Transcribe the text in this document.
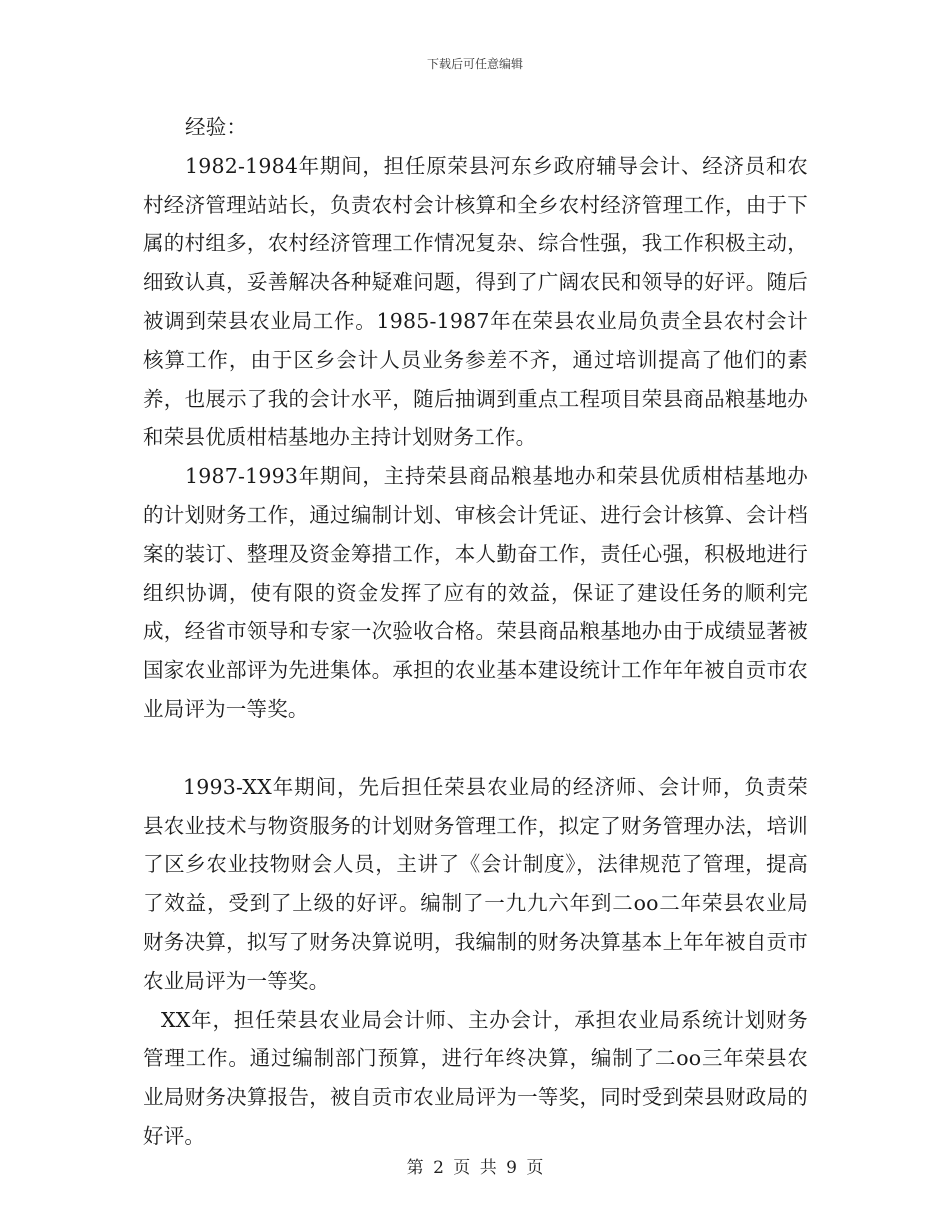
下载后可任意编辑

经验：

1982-1984年期间，担任原荣县河东乡政府辅导会计、经济员和农村经济管理站站长，负责农村会计核算和全乡农村经济管理工作，由于下属的村组多，农村经济管理工作情况复杂、综合性强，我工作积极主动，细致认真，妥善解决各种疑难问题，得到了广阔农民和领导的好评。随后被调到荣县农业局工作。1985-1987年在荣县农业局负责全县农村会计核算工作，由于区乡会计人员业务参差不齐，通过培训提高了他们的素养，也展示了我的会计水平，随后抽调到重点工程项目荣县商品粮基地办和荣县优质柑桔基地办主持计划财务工作。

1987-1993年期间，主持荣县商品粮基地办和荣县优质柑桔基地办的计划财务工作，通过编制计划、审核会计凭证、进行会计核算、会计档案的装订、整理及资金筹措工作，本人勤奋工作，责任心强，积极地进行组织协调，使有限的资金发挥了应有的效益，保证了建设任务的顺利完成，经省市领导和专家一次验收合格。荣县商品粮基地办由于成绩显著被国家农业部评为先进集体。承担的农业基本建设统计工作年年被自贡市农业局评为一等奖。

1993-XX年期间，先后担任荣县农业局的经济师、会计师，负责荣县农业技术与物资服务的计划财务管理工作，拟定了财务管理办法，培训了区乡农业技物财会人员，主讲了《会计制度》，法律规范了管理，提高了效益，受到了上级的好评。编制了一九九六年到二oo二年荣县农业局财务决算，拟写了财务决算说明，我编制的财务决算基本上年年被自贡市农业局评为一等奖。

XX年，担任荣县农业局会计师、主办会计，承担农业局系统计划财务管理工作。通过编制部门预算，进行年终决算，编制了二oo三年荣县农业局财务决算报告，被自贡市农业局评为一等奖，同时受到荣县财政局的好评。

第 2 页 共 9 页
